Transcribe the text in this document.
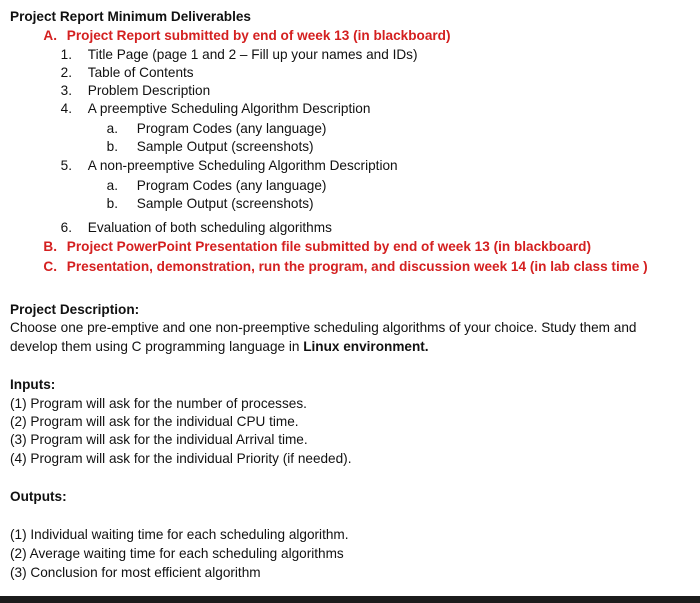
Project Report Minimum Deliverables
A. Project Report submitted by end of week 13 (in blackboard)
1. Title Page (page 1 and 2 – Fill up your names and IDs)
2. Table of Contents
3. Problem Description
4. A preemptive Scheduling Algorithm Description
a. Program Codes (any language)
b. Sample Output (screenshots)
5. A non-preemptive Scheduling Algorithm Description
a. Program Codes (any language)
b. Sample Output (screenshots)
6. Evaluation of both scheduling algorithms
B. Project PowerPoint Presentation file submitted by end of week 13 (in blackboard)
C. Presentation, demonstration, run the program, and discussion week 14 (in lab class time )
Project Description:
Choose one pre-emptive and one non-preemptive scheduling algorithms of your choice. Study them and
develop them using C programming language in Linux environment.
Inputs:
(1) Program will ask for the number of processes.
(2) Program will ask for the individual CPU time.
(3) Program will ask for the individual Arrival time.
(4) Program will ask for the individual Priority (if needed).
Outputs:
(1) Individual waiting time for each scheduling algorithm.
(2) Average waiting time for each scheduling algorithms
(3) Conclusion for most efficient algorithm
